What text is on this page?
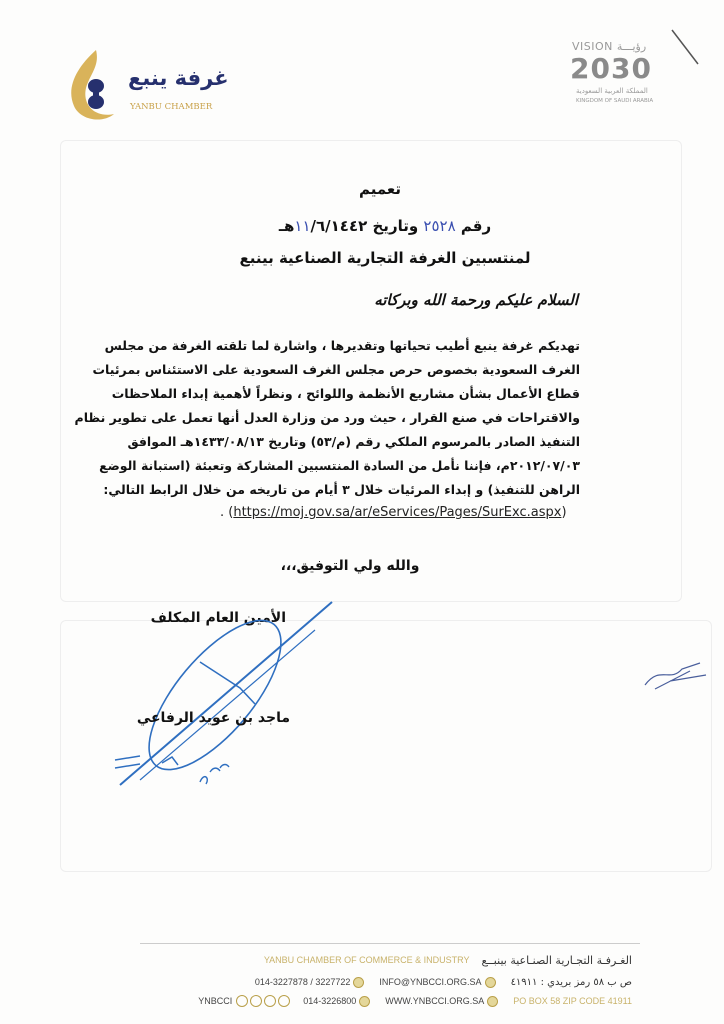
غرفة ينبع
YANBU CHAMBER
VISION رؤيـــة
2030
المملكة العربية السعودية
KINGDOM OF SAUDI ARABIA
تعميم
رقم ٢٥٢٨ وتاريخ ١١/٦/١٤٤٢هـ
لمنتسبين الغرفة التجارية الصناعية بينبع
السلام عليكم ورحمة الله وبركاته
تهديكم غرفة ينبع أطيب تحياتها وتقديرها ، واشارة لما تلقته الغرفة من مجلس
الغرف السعودية بخصوص حرص مجلس الغرف السعودية على الاستئناس بمرئيات
قطاع الأعمال بشأن مشاريع الأنظمة واللوائح ، ونظراً لأهمية إبداء الملاحظات
والاقتراحات في صنع القرار ، حيث ورد من وزارة العدل أنها تعمل على تطوير نظام
التنفيذ الصادر بالمرسوم الملكي رقم (م/٥٣) وتاريخ ١٤٣٣/٠٨/١٣هـ الموافق
٢٠١٢/٠٧/٠٣م، فإننا نأمل من السادة المنتسبين المشاركة وتعبئة (استبانة الوضع
الراهن للتنفيذ) و إبداء المرئيات خلال ٣ أيام من تاريخه من خلال الرابط التالي:
. (https://moj.gov.sa/ar/eServices/Pages/SurExc.aspx)
والله ولي التوفيق،،،
الأمين العام المكلف
ماجد بن عويد الرفاعي
YANBU CHAMBER OF COMMERCE & INDUSTRY الغـرفـة التجـارية الصنـاعية بينبــع
014-3227878 / 3227722	INFO@YNBCCI.ORG.SA	ص ب ٥٨ رمز بريدي : ٤١٩١١
YNBCCI	014-3226800	WWW.YNBCCI.ORG.SA	PO BOX 58 ZIP CODE 41911
